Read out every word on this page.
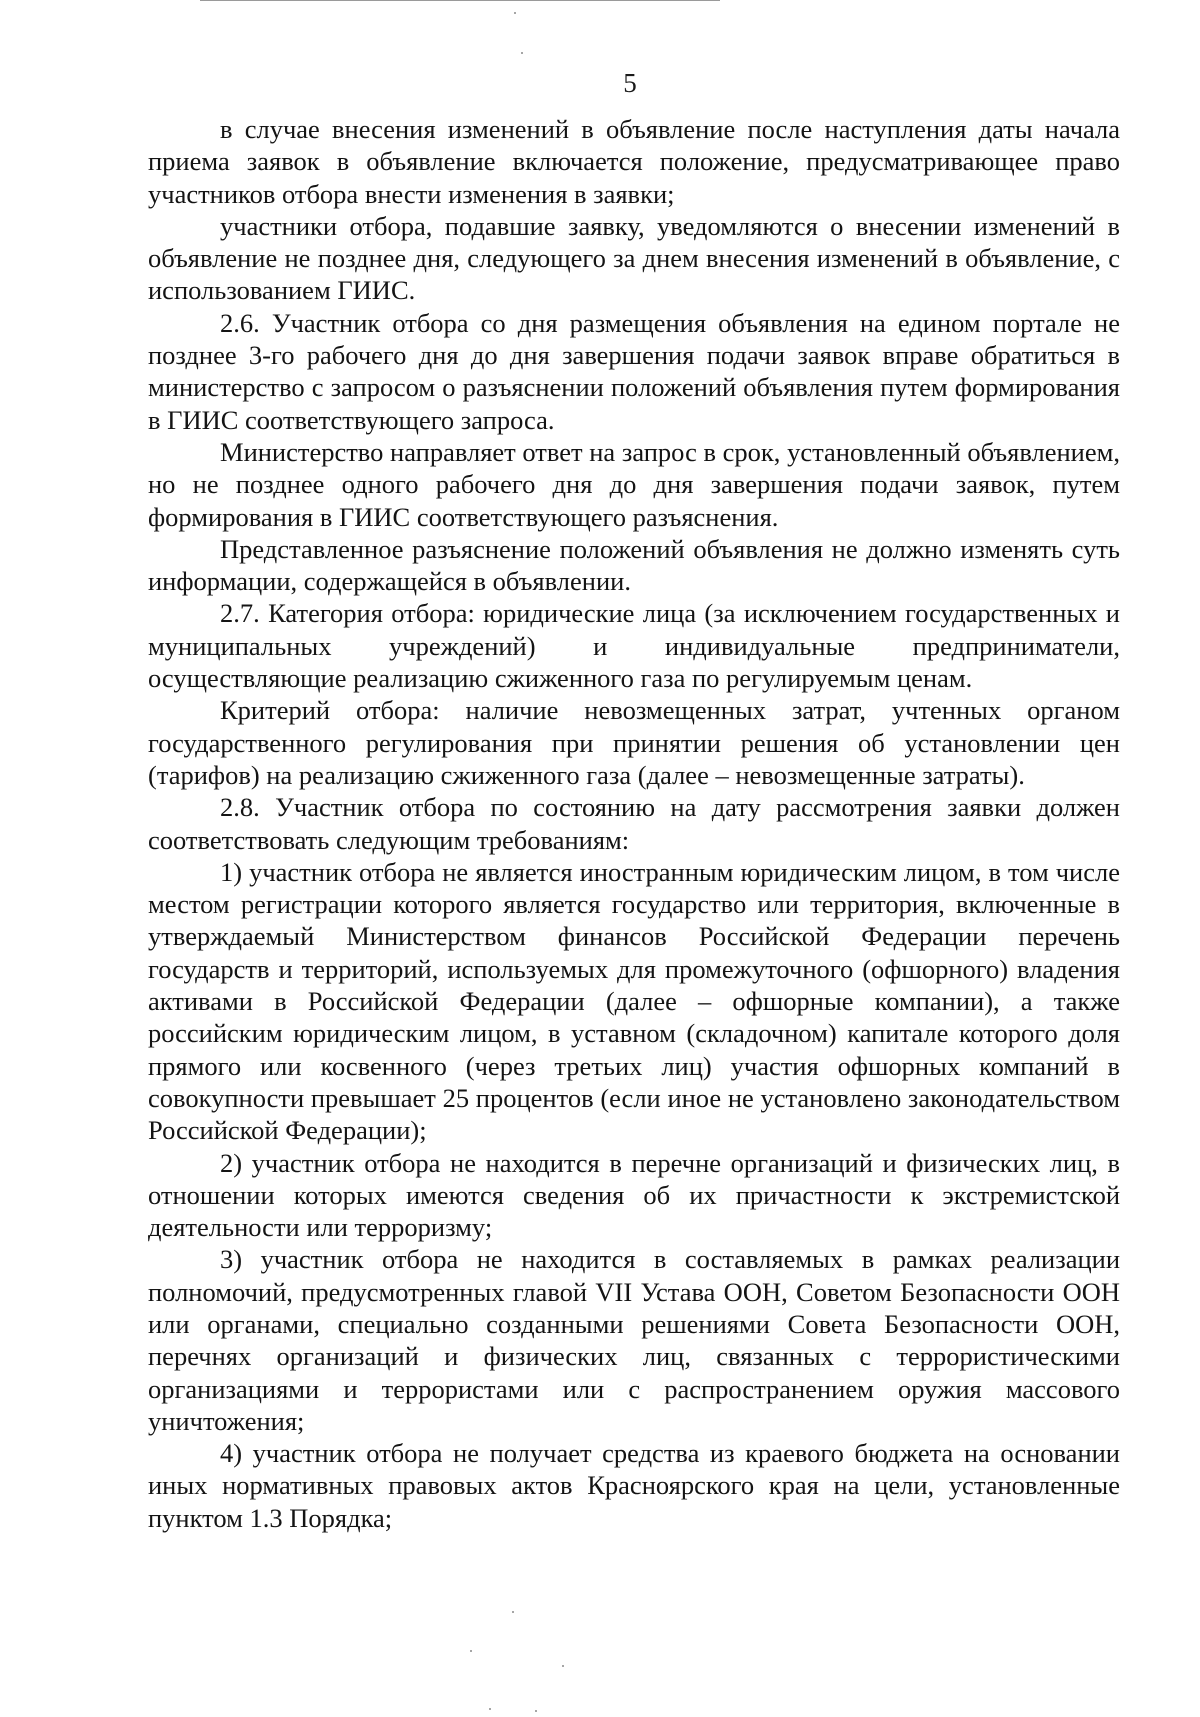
5

в случае внесения изменений в объявление после наступления даты начала приема заявок в объявление включается положение, предусматривающее право участников отбора внести изменения в заявки;

участники отбора, подавшие заявку, уведомляются о внесении изменений в объявление не позднее дня, следующего за днем внесения изменений в объявление, с использованием ГИИС.

2.6. Участник отбора со дня размещения объявления на едином портале не позднее 3-го рабочего дня до дня завершения подачи заявок вправе обратиться в министерство с запросом о разъяснении положений объявления путем формирования в ГИИС соответствующего запроса.

Министерство направляет ответ на запрос в срок, установленный объявлением, но не позднее одного рабочего дня до дня завершения подачи заявок, путем формирования в ГИИС соответствующего разъяснения.

Представленное разъяснение положений объявления не должно изменять суть информации, содержащейся в объявлении.

2.7. Категория отбора: юридические лица (за исключением государственных и муниципальных учреждений) и индивидуальные предприниматели, осуществляющие реализацию сжиженного газа по регулируемым ценам.

Критерий отбора: наличие невозмещенных затрат, учтенных органом государственного регулирования при принятии решения об установлении цен (тарифов) на реализацию сжиженного газа (далее – невозмещенные затраты).

2.8. Участник отбора по состоянию на дату рассмотрения заявки должен соответствовать следующим требованиям:

1) участник отбора не является иностранным юридическим лицом, в том числе местом регистрации которого является государство или территория, включенные в утверждаемый Министерством финансов Российской Федерации перечень государств и территорий, используемых для промежуточного (офшорного) владения активами в Российской Федерации (далее – офшорные компании), а также российским юридическим лицом, в уставном (складочном) капитале которого доля прямого или косвенного (через третьих лиц) участия офшорных компаний в совокупности превышает 25 процентов (если иное не установлено законодательством Российской Федерации);

2) участник отбора не находится в перечне организаций и физических лиц, в отношении которых имеются сведения об их причастности к экстремистской деятельности или терроризму;

3) участник отбора не находится в составляемых в рамках реализации полномочий, предусмотренных главой VII Устава ООН, Советом Безопасности ООН или органами, специально созданными решениями Совета Безопасности ООН, перечнях организаций и физических лиц, связанных с террористическими организациями и террористами или с распространением оружия массового уничтожения;

4) участник отбора не получает средства из краевого бюджета на основании иных нормативных правовых актов Красноярского края на цели, установленные пунктом 1.3 Порядка;
